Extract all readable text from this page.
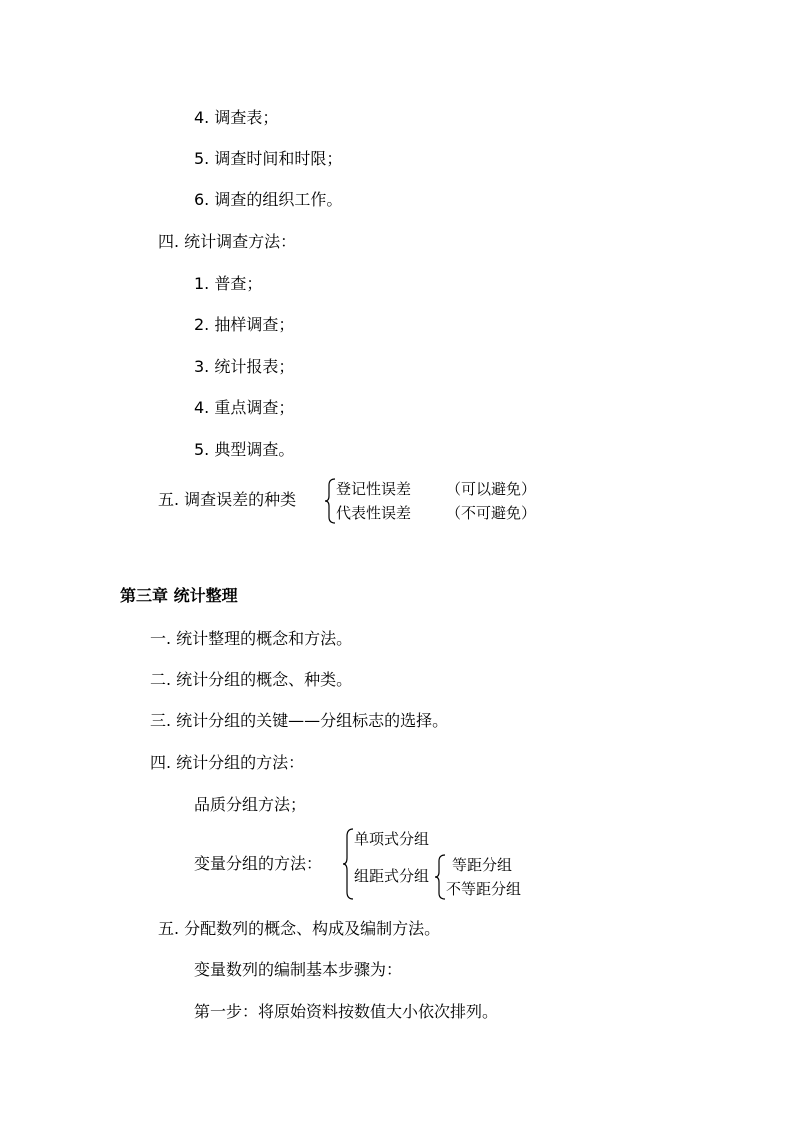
4. 调查表；
5. 调查时间和时限；
6. 调查的组织工作。
四. 统计调查方法：
1. 普查；
2. 抽样调查；
3. 统计报表；
4. 重点调查；
5. 典型调查。
五. 调查误差的种类
登记性误差 （可以避免）
代表性误差 （不可避免）
第三章 统计整理
一. 统计整理的概念和方法。
二. 统计分组的概念、种类。
三. 统计分组的关键——分组标志的选择。
四. 统计分组的方法：
品质分组方法；
变量分组的方法：
单项式分组
组距式分组
等距分组
不等距分组
五. 分配数列的概念、构成及编制方法。
变量数列的编制基本步骤为：
第一步：将原始资料按数值大小依次排列。
